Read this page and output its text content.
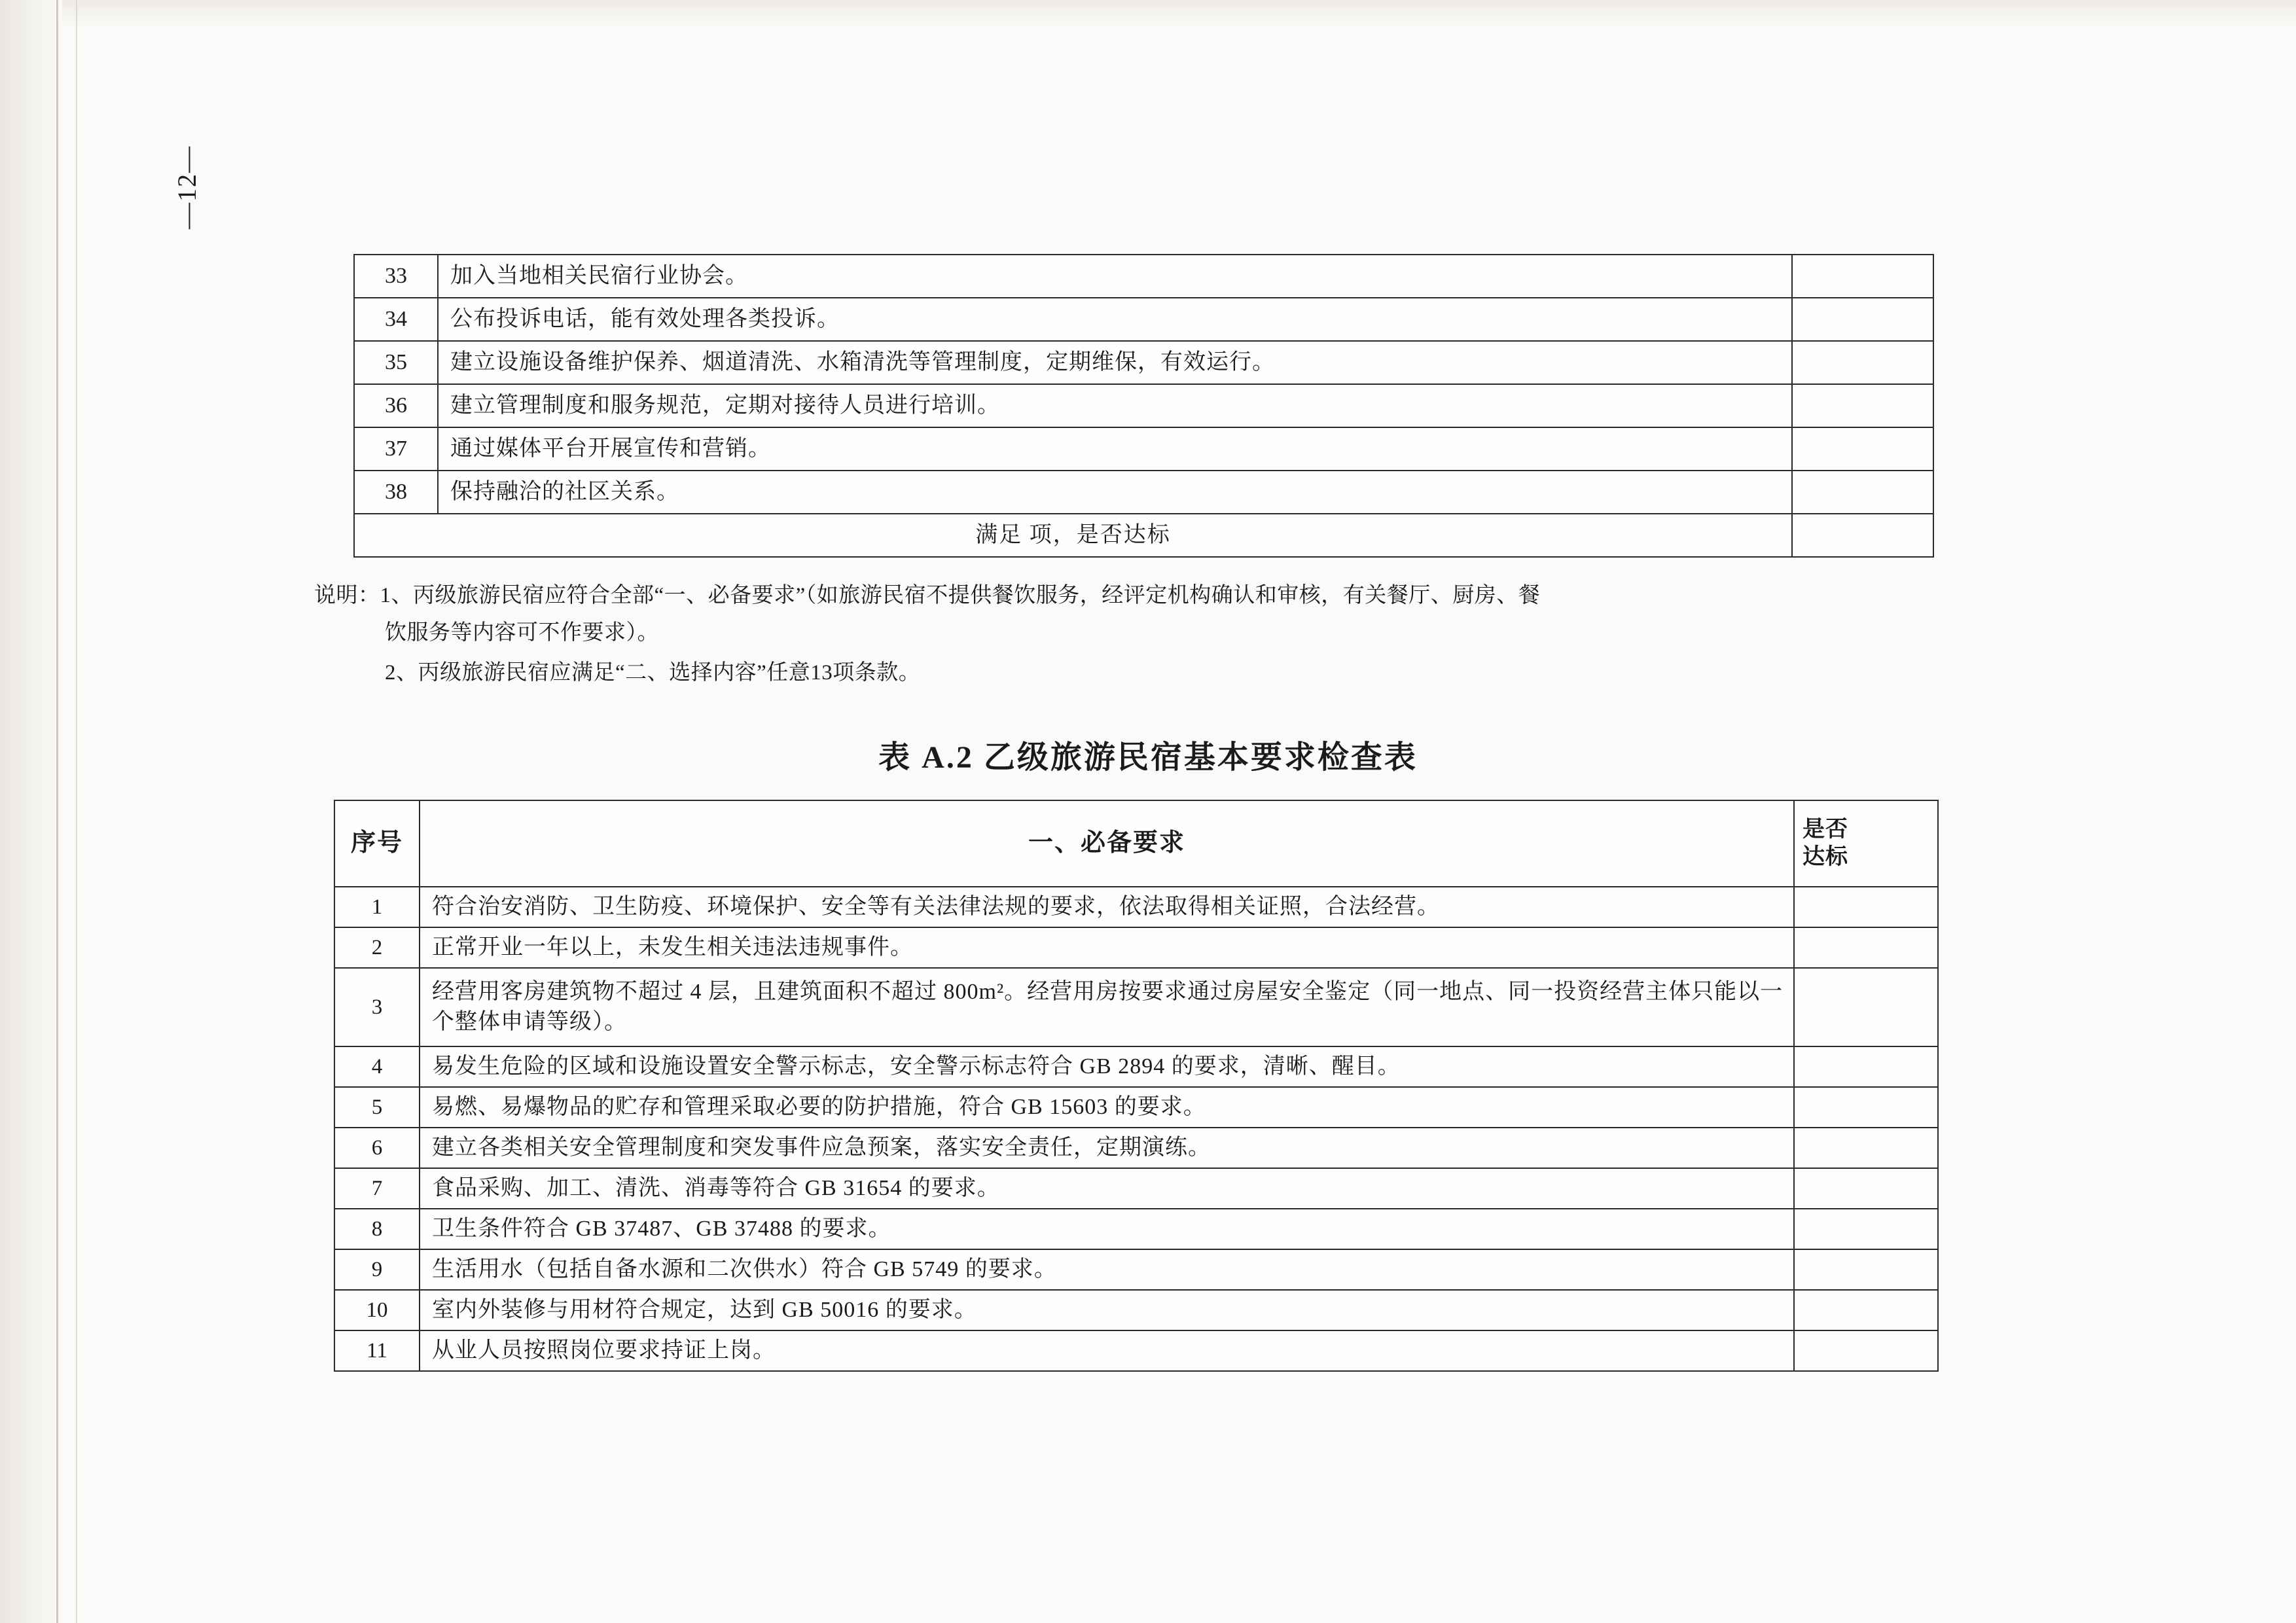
—12—
33	加入当地相关民宿行业协会。	
34	公布投诉电话，能有效处理各类投诉。	
35	建立设施设备维护保养、烟道清洗、水箱清洗等管理制度，定期维保，有效运行。	
36	建立管理制度和服务规范，定期对接待人员进行培训。	
37	通过媒体平台开展宣传和营销。	
38	保持融洽的社区关系。	
满足 项，是否达标		
说明： 1、 丙级旅游民宿应符合全部“一、必备要求”（如旅游民宿不提供餐饮服务，经评定机构确认和审核，有关餐厅、厨房、餐
饮服务等内容可不作要求）。
2、丙级旅游民宿应满足“二、选择内容”任意13项条款。
表 A.2 乙级旅游民宿基本要求检查表
序号	一、必备要求	是否
达标

1	符合治安消防、卫生防疫、环境保护、安全等有关法律法规的要求，依法取得相关证照，合法经营。	
2	正常开业一年以上，未发生相关违法违规事件。	
3	经营用客房建筑物不超过 4 层，且建筑面积不超过 800m²。经营用房按要求通过房屋安全鉴定（同一地点、同一投资经营主体只能以一个整体申请等级）。	
4	易发生危险的区域和设施设置安全警示标志，安全警示标志符合 GB 2894 的要求，清晰、醒目。	
5	易燃、易爆物品的贮存和管理采取必要的防护措施，符合 GB 15603 的要求。	
6	建立各类相关安全管理制度和突发事件应急预案，落实安全责任，定期演练。	
7	食品采购、加工、清洗、消毒等符合 GB 31654 的要求。	
8	卫生条件符合 GB 37487、GB 37488 的要求。	
9	生活用水（包括自备水源和二次供水）符合 GB 5749 的要求。	
10	室内外装修与用材符合规定，达到 GB 50016 的要求。	
11	从业人员按照岗位要求持证上岗。	
